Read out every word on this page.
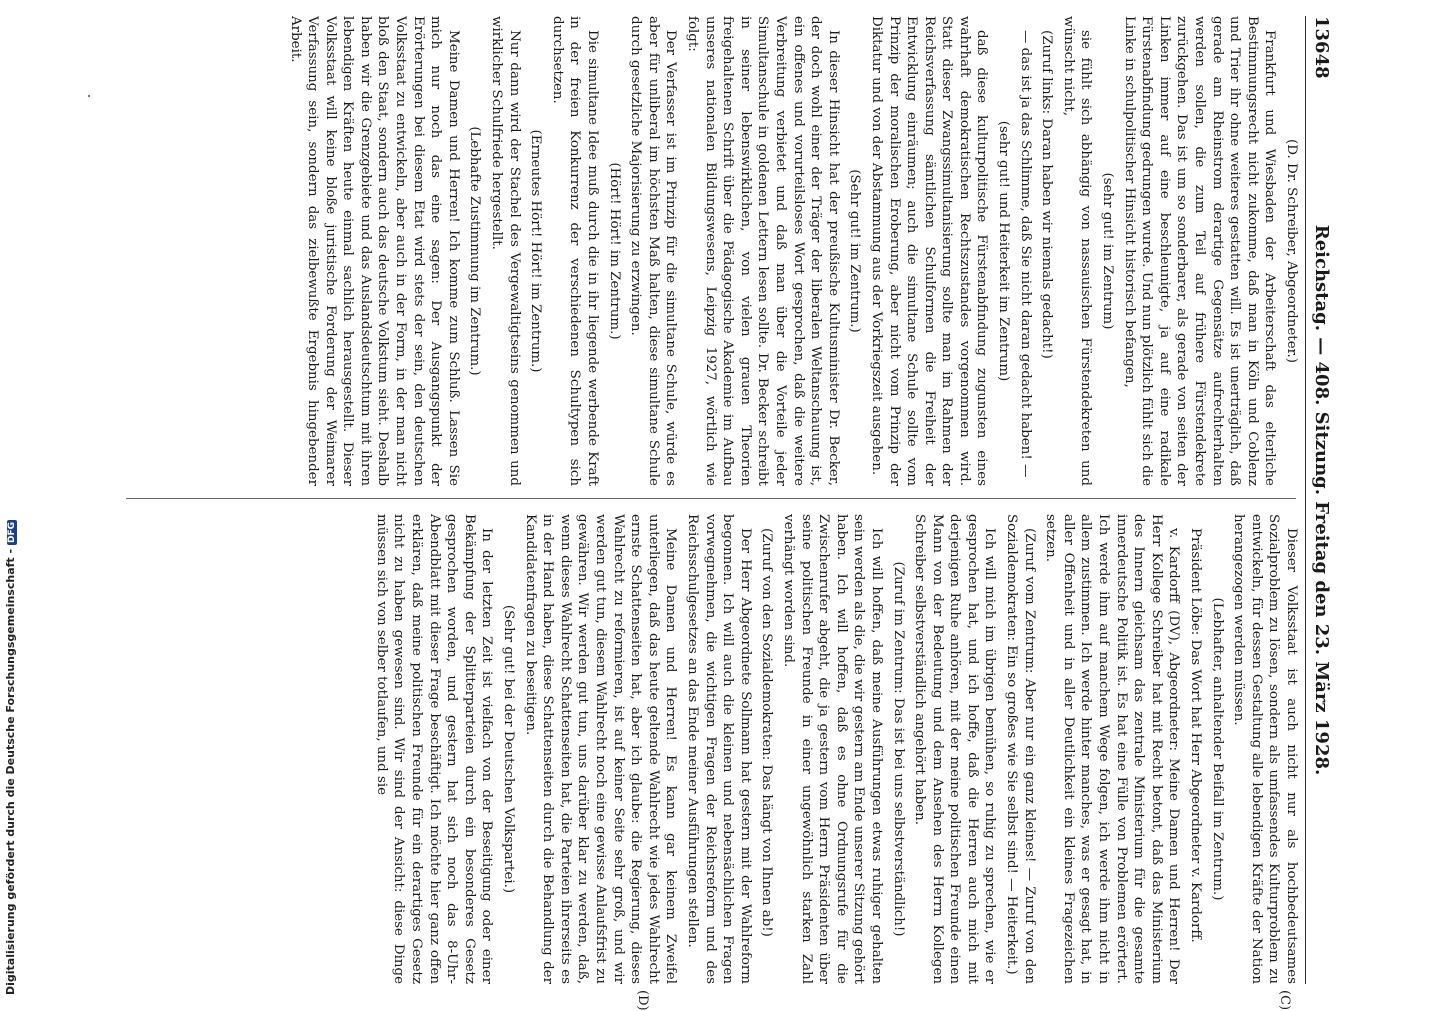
13648
Reichstag. — 408. Sitzung. Freitag den 23. März 1928.

(D. Dr. Schreiber, Abgeordneter.)

Frankfurt und Wiesbaden der Arbeiterschaft das elterliche Bestimmungsrecht nicht zukomme, daß man in Köln und Coblenz und Trier ihr ohne weiteres gestatten will. Es ist unerträglich, daß gerade am Rheinstrom derartige Gegensätze aufrechterhalten werden sollen, die zum Teil auf frühere Fürstendekrete zurückgehen. Das ist um so sonderbarer, als gerade von seiten der Linken immer auf eine beschleunigte, ja auf eine radikale Fürstenabfindung gedrungen wurde. Und nun plötzlich fühlt sich die Linke in schulpolitischer Hinsicht historisch befangen,

(sehr gut! im Zentrum)

sie fühlt sich abhängig von nassauischen Fürstendekreten und wünscht nicht,

(Zuruf links: Daran haben wir niemals gedacht!)

— das ist ja das Schlimme, daß Sie nicht daran gedacht haben! —

(sehr gut! und Heiterkeit im Zentrum)

daß diese kulturpolitische Fürstenabfindung zugunsten eines wahrhaft demokratischen Rechtszustandes vorgenommen wird. Statt dieser Zwangssimultanisierung sollte man im Rahmen der Reichsverfassung sämtlichen Schulformen die Freiheit der Entwicklung einräumen; auch die simultane Schule sollte vom Prinzip der moralischen Eroberung, aber nicht vom Prinzip der Diktatur und von der Abstammung aus der Vorkriegszeit ausgehen.

(Sehr gut! im Zentrum.)

In dieser Hinsicht hat der preußische Kultusminister Dr. Becker, der doch wohl einer der Träger der liberalen Weltanschauung ist, ein offenes und vorurteilsloses Wort gesprochen, daß die weitere Verbreitung verbietet und daß man über die Vorteile jeder Simultanschule in goldenen Lettern lesen sollte. Dr. Becker schreibt in seiner lebenswirklichen, von vielen grauen Theorien freigehaltenen Schrift über die Pädagogische Akademie im Aufbau unseres nationalen Bildungswesens, Leipzig 1927, wörtlich wie folgt:

Der Verfasser ist im Prinzip für die simultane Schule, würde es aber für unliberal im höchsten Maß halten, diese simultane Schule durch gesetzliche Majorisierung zu erzwingen.

(Hört! Hört! im Zentrum.)

Die simultane Idee muß durch die in ihr liegende werbende Kraft in der freien Konkurrenz der verschiedenen Schultypen sich durchsetzen.

(Erneutes Hört! Hört! im Zentrum.)

Nur dann wird der Stachel des Vergewaltigtseins genommen und wirklicher Schulfriede hergestellt.

(Lebhafte Zustimmung im Zentrum.)

Meine Damen und Herren! Ich komme zum Schluß. Lassen Sie mich nur noch das eine sagen: Der Ausgangspunkt der Erörterungen bei diesem Etat wird stets der sein, den deutschen Volksstaat zu entwickeln, aber auch in der Form, in der man nicht bloß den Staat, sondern auch das deutsche Volkstum sieht. Deshalb haben wir die Grenzgebiete und das Auslandsdeutschtum mit ihren lebendigen Kräften heute einmal sachlich herausgestellt. Dieser Volksstaat will keine bloße juristische Forderung der Weimarer Verfassung sein, sondern das zielbewußte Ergebnis hingebender Arbeit.

Dieser Volksstaat ist auch nicht nur als hochbedeutsames Sozialproblem zu lösen, sondern als umfassendes Kulturproblem zu entwickeln, für dessen Gestaltung alle lebendigen Kräfte der Nation herangezogen werden müssen.

(Lebhafter, anhaltender Beifall im Zentrum.)

Präsident Löbe: Das Wort hat Herr Abgeordneter v. Kardorff.

v. Kardorff (DV), Abgeordneter: Meine Damen und Herren! Der Herr Kollege Schreiber hat mit Recht betont, daß das Ministerium des Innern gleichsam das zentrale Ministerium für die gesamte innerdeutsche Politik ist. Es hat eine Fülle von Problemen erörtert. Ich werde ihm auf manchem Wege folgen, ich werde ihm nicht in allem zustimmen. Ich werde hinter manches, was er gesagt hat, in aller Offenheit und in aller Deutlichkeit ein kleines Fragezeichen setzen.

(Zuruf vom Zentrum: Aber nur ein ganz kleines! — Zuruf von den Sozialdemokraten: Ein so großes wie Sie selbst sind! — Heiterkeit.)

Ich will mich im übrigen bemühen, so ruhig zu sprechen, wie er gesprochen hat, und ich hoffe, daß die Herren auch mich mit derjenigen Ruhe anhören, mit der meine politischen Freunde einen Mann von der Bedeutung und dem Ansehen des Herrn Kollegen Schreiber selbstverständlich angehört haben.

(Zuruf im Zentrum: Das ist bei uns selbstverständlich!)

Ich will hoffen, daß meine Ausführungen etwas ruhiger gehalten sein werden als die, die wir gestern am Ende unserer Sitzung gehört haben. Ich will hoffen, daß es ohne Ordnungsrufe für die Zwischenrufer abgeht, die ja gestern vom Herrn Präsidenten über seine politischen Freunde in einer ungewöhnlich starken Zahl verhängt worden sind.

(Zuruf von den Sozialdemokraten: Das hängt von Ihnen ab!)

Der Herr Abgeordnete Sollmann hat gestern mit der Wahlreform begonnen. Ich will auch die kleinen und nebensächlichen Fragen vorwegnehmen, die wichtigen Fragen der Reichsreform und des Reichsschulgesetzes an das Ende meiner Ausführungen stellen.

Meine Damen und Herren! Es kann gar keinem Zweifel unterliegen, daß das heute geltende Wahlrecht wie jedes Wahlrecht ernste Schattenseiten hat, aber ich glaube: die Regierung, dieses Wahlrecht zu reformieren, ist auf keiner Seite sehr groß, und wir werden gut tun, diesem Wahlrecht noch eine gewisse Anlaufsfrist zu gewähren. Wir werden gut tun, uns darüber klar zu werden, daß, wenn dieses Wahlrecht Schattenseiten hat, die Parteien ihrerseits es in der Hand haben, diese Schattenseiten durch die Behandlung der Kandidatenfragen zu beseitigen.

(Sehr gut! bei der Deutschen Volkspartei.)

In der letzten Zeit ist vielfach von der Beseitigung oder einer Bekämpfung der Splitterparteien durch ein besonderes Gesetz gesprochen worden, und gestern hat sich noch das 8-Uhr-Abendblatt mit dieser Frage beschäftigt. Ich möchte hier ganz offen erklären, daß meine politischen Freunde für ein derartiges Gesetz nicht zu haben gewesen sind. Wir sind der Ansicht: diese Dinge müssen sich von selber totlaufen, und sie

(C)
(D)
Digitalisierung gefördert durch die Deutsche Forschungsgemeinschaft -DFG
